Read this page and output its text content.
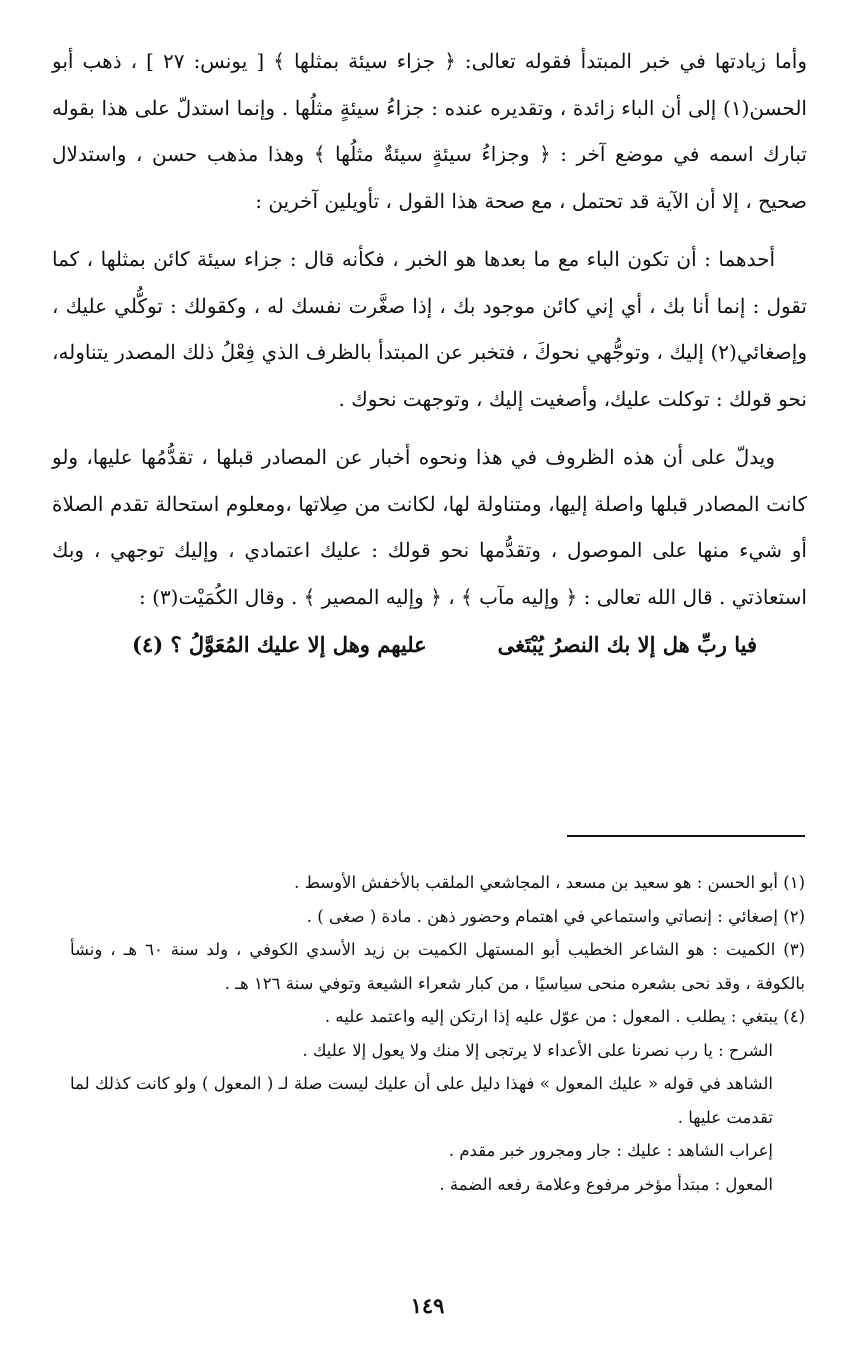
وأما زيادتها في خبر المبتدأ فقوله تعالى: ﴿ جزاء سيئة بمثلها ﴾ [ يونس: ٢٧ ] ، ذهب أبو الحسن(١) إلى أن الباء زائدة ، وتقديره عنده : جزاءُ سيئةٍ مثلُها . وإنما استدلّ على هذا بقوله تبارك اسمه في موضع آخر : ﴿ وجزاءُ سيئةٍ سيئةٌ مثلُها ﴾ وهذا مذهب حسن ، واستدلال صحيح ، إلا أن الآية قد تحتمل ، مع صحة هذا القول ، تأويلين آخرين :

أحدهما : أن تكون الباء مع ما بعدها هو الخبر ، فكأنه قال : جزاء سيئة كائن بمثلها ، كما تقول : إنما أنا بك ، أي إني كائن موجود بك ، إذا صغَّرت نفسك له ، وكقولك : توكُّلي عليك ، وإصغائي(٢) إليك ، وتوجُّهي نحوكَ ، فتخبر عن المبتدأ بالظرف الذي فِعْلُ ذلك المصدر يتناوله، نحو قولك : توكلت عليك، وأصغيت إليك ، وتوجهت نحوك .

ويدلّ على أن هذه الظروف في هذا ونحوه أخبار عن المصادر قبلها ، تقدُّمُها عليها، ولو كانت المصادر قبلها واصلة إليها، ومتناولة لها، لكانت من صِلاتها ،ومعلوم استحالة تقدم الصلاة أو شيء منها على الموصول ، وتقدُّمها نحو قولك : عليك اعتمادي ، وإليك توجهي ، وبك استعاذتي . قال الله تعالى : ﴿ وإليه مآب ﴾ ، ﴿ وإليه المصير ﴾ . وقال الكُمَيْت(٣) :

فيا ربِّ هل إلا بك النصرُ يُبْتَغى
عليهم وهل إلا عليك المُعَوَّلُ ؟ (٤)

(١) أبو الحسن : هو سعيد بن مسعد ، المجاشعي الملقب بالأخفش الأوسط .

(٢) إصغائي : إنصاتي واستماعي في اهتمام وحضور ذهن . مادة ( صغى ) .

(٣) الكميت : هو الشاعر الخطيب أبو المستهل الكميت بن زيد الأسدي الكوفي ، ولد سنة ٦٠ هـ ، ونشأ بالكوفة ، وقد نحى بشعره منحى سياسيًا ، من كبار شعراء الشيعة وتوفي سنة ١٢٦ هـ .

(٤) يبتغي : يطلب . المعول : من عوّل عليه إذا ارتكن إليه واعتمد عليه .

الشرح : يا رب نصرنا على الأعداء لا يرتجى إلا منك ولا يعول إلا عليك .

الشاهد في قوله « عليك المعول » فهذا دليل على أن عليك ليست صلة لـ ( المعول ) ولو كانت كذلك لما تقدمت عليها .

إعراب الشاهد : عليك : جار ومجرور خبر مقدم .

المعول : مبتدأ مؤخر مرفوع وعلامة رفعه الضمة .

١٤٩
